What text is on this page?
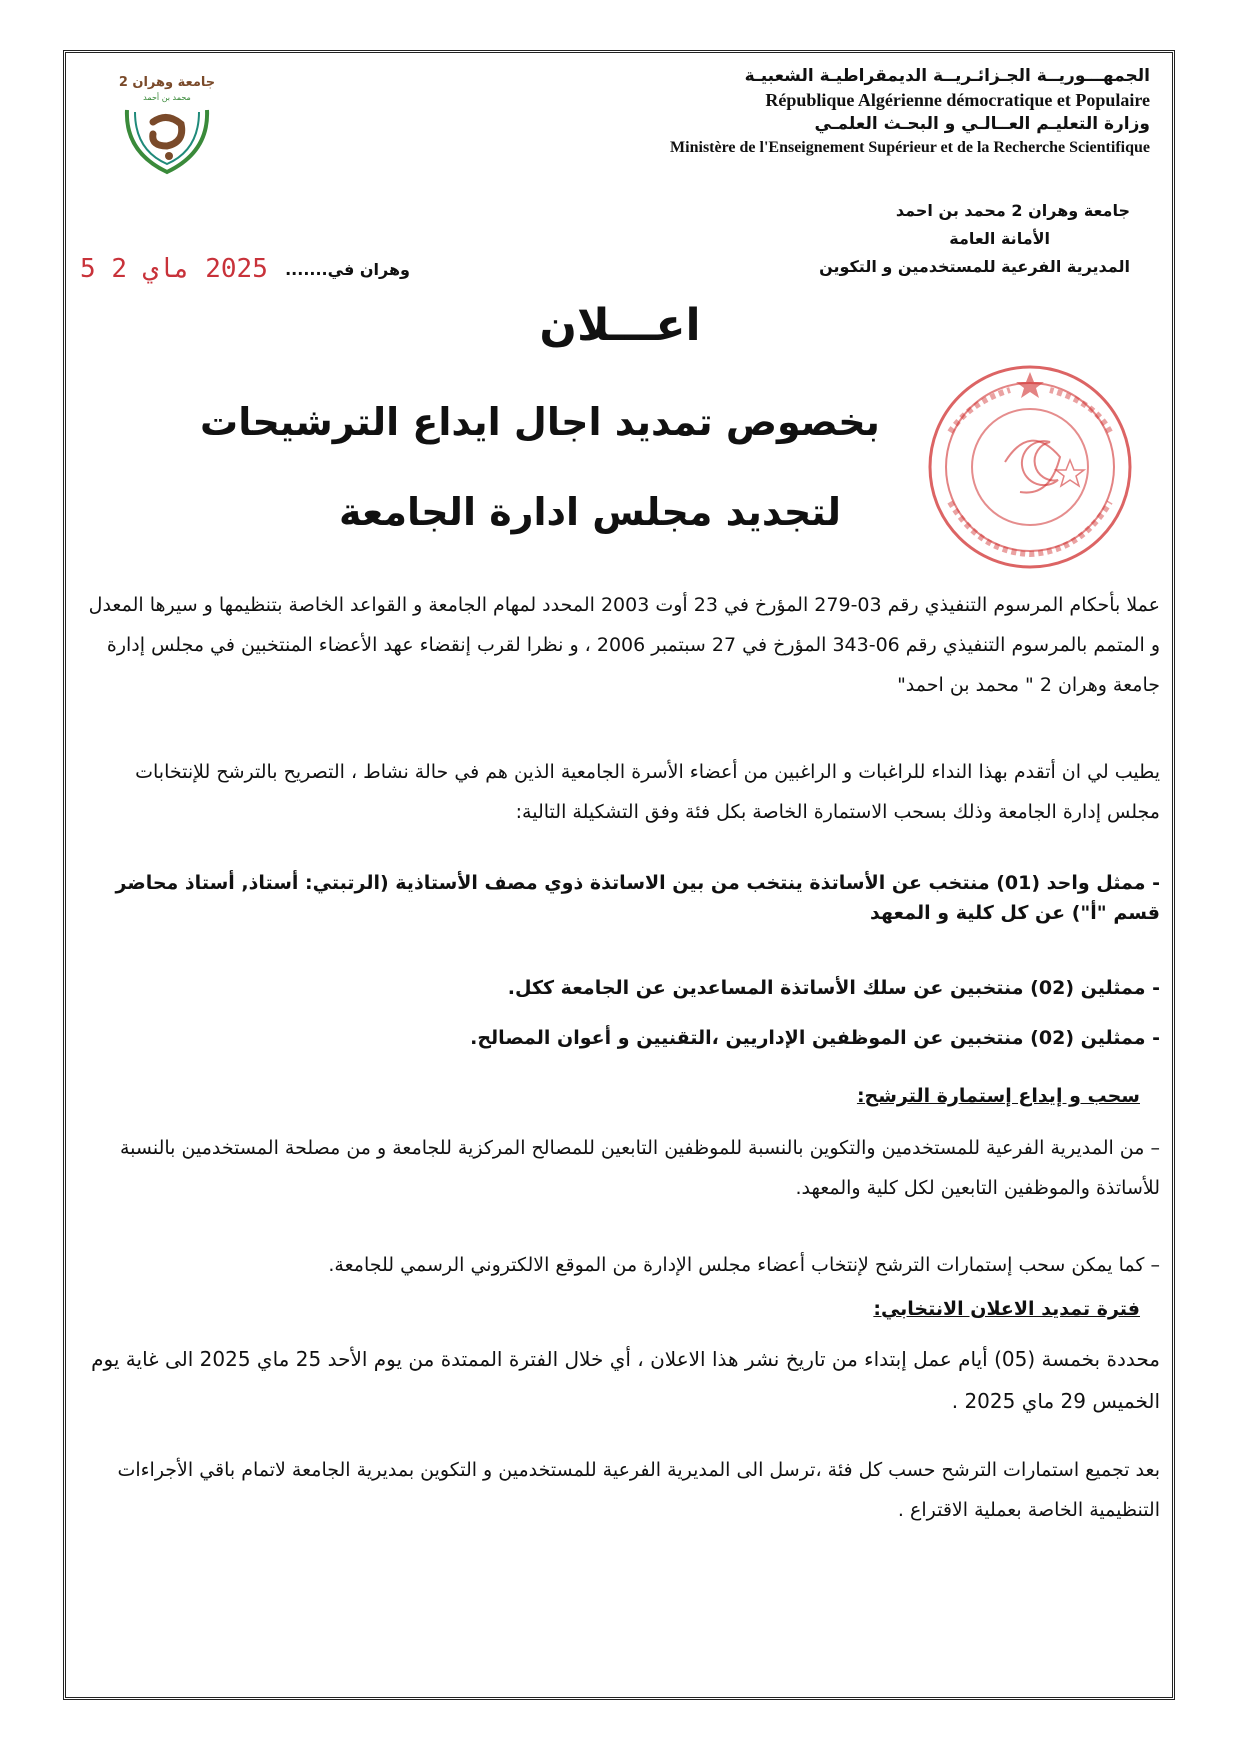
جامعة وهران 2
محمد بن أحمد
الجمهـــوريــة الجـزائـريــة الديمقراطيـة الشعبيـة
République Algérienne démocratique et Populaire
وزارة التعليـم العــالـي و البحـث العلمـي
Ministère de l'Enseignement Supérieur et de la Recherche Scientifique
جامعة وهران 2 محمد بن احمد
الأمانة العامة
المديرية الفرعية للمستخدمين و التكوين
وهران في.......
2025 ماي 2 5
اعـــلان
بخصوص تمديد اجال ايداع الترشيحات
لتجديد مجلس ادارة الجامعة
عملا بأحكام المرسوم التنفيذي رقم 03-279 المؤرخ في 23 أوت 2003 المحدد لمهام الجامعة و القواعد الخاصة بتنظيمها و سيرها المعدل و المتمم بالمرسوم التنفيذي رقم 06-343 المؤرخ في 27 سبتمبر 2006 ، و نظرا لقرب إنقضاء عهد الأعضاء المنتخبين في مجلس إدارة جامعة وهران 2 " محمد بن احمد"
يطيب لي ان أتقدم بهذا النداء للراغبات و الراغبين من أعضاء الأسرة الجامعية الذين هم في حالة نشاط ، التصريح بالترشح للإنتخابات مجلس إدارة الجامعة وذلك بسحب الاستمارة الخاصة بكل فئة وفق التشكيلة التالية:
- ممثل واحد (01) منتخب عن الأساتذة ينتخب من بين الاساتذة ذوي مصف الأستاذية (الرتبتي: أستاذ, أستاذ محاضر قسم "أ") عن كل كلية و المعهد
- ممثلين (02) منتخبين عن سلك الأساتذة المساعدين عن الجامعة ككل.
- ممثلين (02) منتخبين عن الموظفين الإداريين ،التقنيين و أعوان المصالح.
سحب و إيداع إستمارة الترشح:
– من المديرية الفرعية للمستخدمين والتكوين بالنسبة للموظفين التابعين للمصالح المركزية للجامعة و من مصلحة المستخدمين بالنسبة للأساتذة والموظفين التابعين لكل كلية والمعهد.
– كما يمكن سحب إستمارات الترشح لإنتخاب أعضاء مجلس الإدارة من الموقع الالكتروني الرسمي للجامعة.
فترة تمديد الاعلان الانتخابي:
محددة بخمسة (05) أيام عمل إبتداء من تاريخ نشر هذا الاعلان ، أي خلال الفترة الممتدة من يوم الأحد 25 ماي 2025 الى غاية يوم الخميس 29 ماي 2025 .
بعد تجميع استمارات الترشح حسب كل فئة ،ترسل الى المديرية الفرعية للمستخدمين و التكوين بمديرية الجامعة لاتمام باقي الأجراءات التنظيمية الخاصة بعملية الاقتراع .
